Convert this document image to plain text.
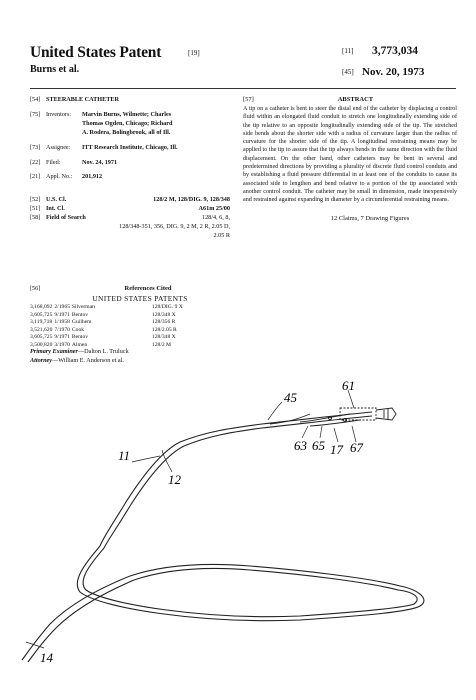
United States Patent	[19]
Burns et al.
[11] 3,773,034
[45] Nov. 20, 1973
[54] STEERABLE CATHETER
[75] Inventors:	Marvin Burns, Wilmette; Charles
Thomas Ogden, Chicago; Richard
A. Rodera, Bolingbrook, all of Ill.
[73] Assignee:	ITT Research Institute, Chicago, Ill.
[22] Filed:	Nov. 24, 1971
[21] Appl. No.:	201,912
[52] U.S. Cl.	128/2 M, 128/DIG. 9, 128/348
[51] Int. Cl.	A61m 25/00
[58] Field of Search	128/4, 6, 8,
128/348-351, 356, DIG. 9, 2 M, 2 R, 2.05 D,
2.05 R
[56]	References Cited
UNITED STATES PATENTS
3,168,092	2/1965	Silverman	128/DIG. 9 X
3,605,725	9/1971	Bentov	128/348 X
3,119,718	1/1958	Guilhem	128/356 R
3,521,620	7/1970	Cook	128/2.05 R
3,605,725	9/1971	Bentov	128/348 X
3,500,820	3/1970	Almen	128/2 M
Primary Examiner—Dalton L. Truluck
Attorney—William E. Anderson et al.
[57]	ABSTRACT
A tip on a catheter is bent to steer the distal end of the catheter by displacing a control fluid within an elongated fluid conduit to stretch one longitudinally extending side of the tip relative to an opposite longitudinally extending side of the tip. The stretched side bends about the shorter side with a radius of curvature larger than the radius of curvature for the shorter side of the tip. A longitudinal restraining means may be applied to the tip to assure that the tip always bends in the same direction with the fluid displacement. On the other hand, other catheters may be bent in several and predetermined directions by providing a plurality of discrete fluid control conduits and by establishing a fluid pressure differential in at least one of the conduits to cause its associated side to lengthen and bend relative to a portion of the tip associated with another control conduit. The catheter may be small in dimension, made inexpensively and restrained against expanding in diameter by a circumferential restraining means.
12 Claims, 7 Drawing Figures
45
61
11
12
63 65 17 67
14
